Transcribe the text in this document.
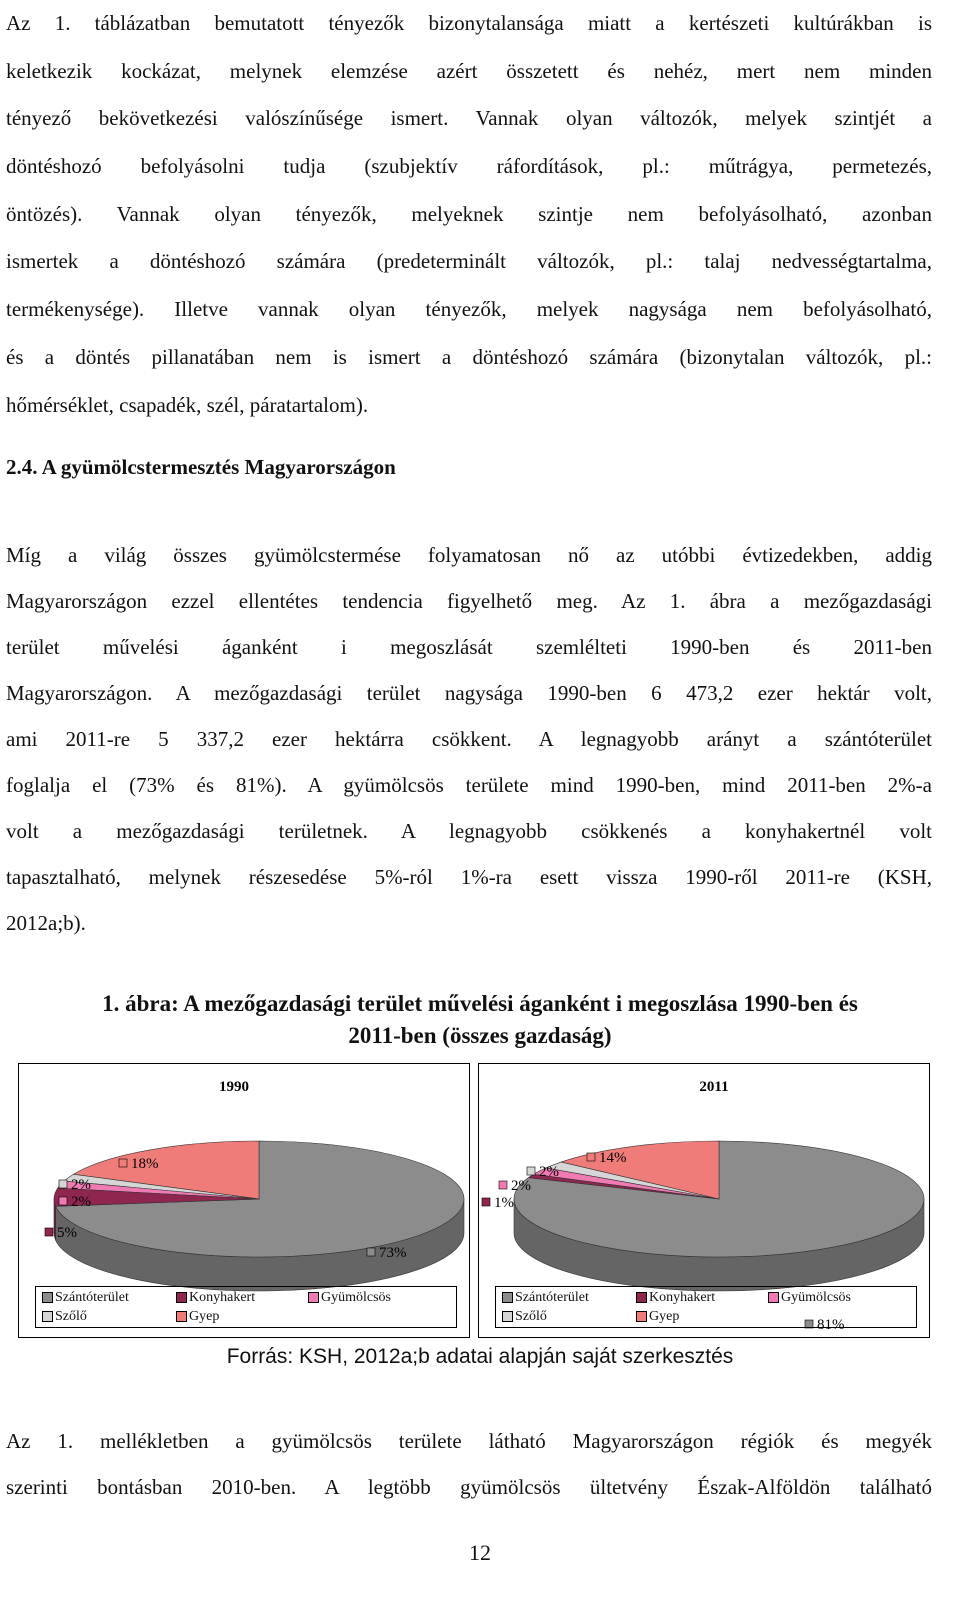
Az 1. táblázatban bemutatott tényezők bizonytalansága miatt a kertészeti kultúrákban is
keletkezik kockázat, melynek elemzése azért összetett és nehéz, mert nem minden
tényező bekövetkezési valószínűsége ismert. Vannak olyan változók, melyek szintjét a
döntéshozó befolyásolni tudja (szubjektív ráfordítások, pl.: műtrágya, permetezés,
öntözés). Vannak olyan tényezők, melyeknek szintje nem befolyásolható, azonban
ismertek a döntéshozó számára (predeterminált változók, pl.: talaj nedvességtartalma,
termékenysége). Illetve vannak olyan tényezők, melyek nagysága nem befolyásolható,
és a döntés pillanatában nem is ismert a döntéshozó számára (bizonytalan változók, pl.:
hőmérséklet, csapadék, szél, páratartalom).
2.4. A gyümölcstermesztés Magyarországon
Míg a világ összes gyümölcstermése folyamatosan nő az utóbbi évtizedekben, addig
Magyarországon ezzel ellentétes tendencia figyelhető meg. Az 1. ábra a mezőgazdasági
terület művelési áganként i megoszlását szemlélteti 1990-ben és 2011-ben
Magyarországon. A mezőgazdasági terület nagysága 1990-ben 6 473,2 ezer hektár volt,
ami 2011-re 5 337,2 ezer hektárra csökkent. A legnagyobb arányt a szántóterület
foglalja el (73% és 81%). A gyümölcsös területe mind 1990-ben, mind 2011-ben 2%-a
volt a mezőgazdasági területnek. A legnagyobb csökkenés a konyhakertnél volt
tapasztalható, melynek részesedése 5%-ról 1%-ra esett vissza 1990-ről 2011-re (KSH,
2012a;b).
1. ábra: A mezőgazdasági terület művelési áganként i megoszlása 1990-ben és
2011-ben (összes gazdaság)
1990
73%
5%
2%
2%
18%
Szántóterület	Konyhakert	Gyümölcsös
Szőlő	Gyep
2011
81%
1%
2%
2%
14%
Szántóterület	Konyhakert	Gyümölcsös
Szőlő	Gyep
Forrás: KSH, 2012a;b adatai alapján saját szerkesztés
Az 1. mellékletben a gyümölcsös területe látható Magyarországon régiók és megyék
szerinti bontásban 2010-ben. A legtöbb gyümölcsös ültetvény Észak-Alföldön található
12
